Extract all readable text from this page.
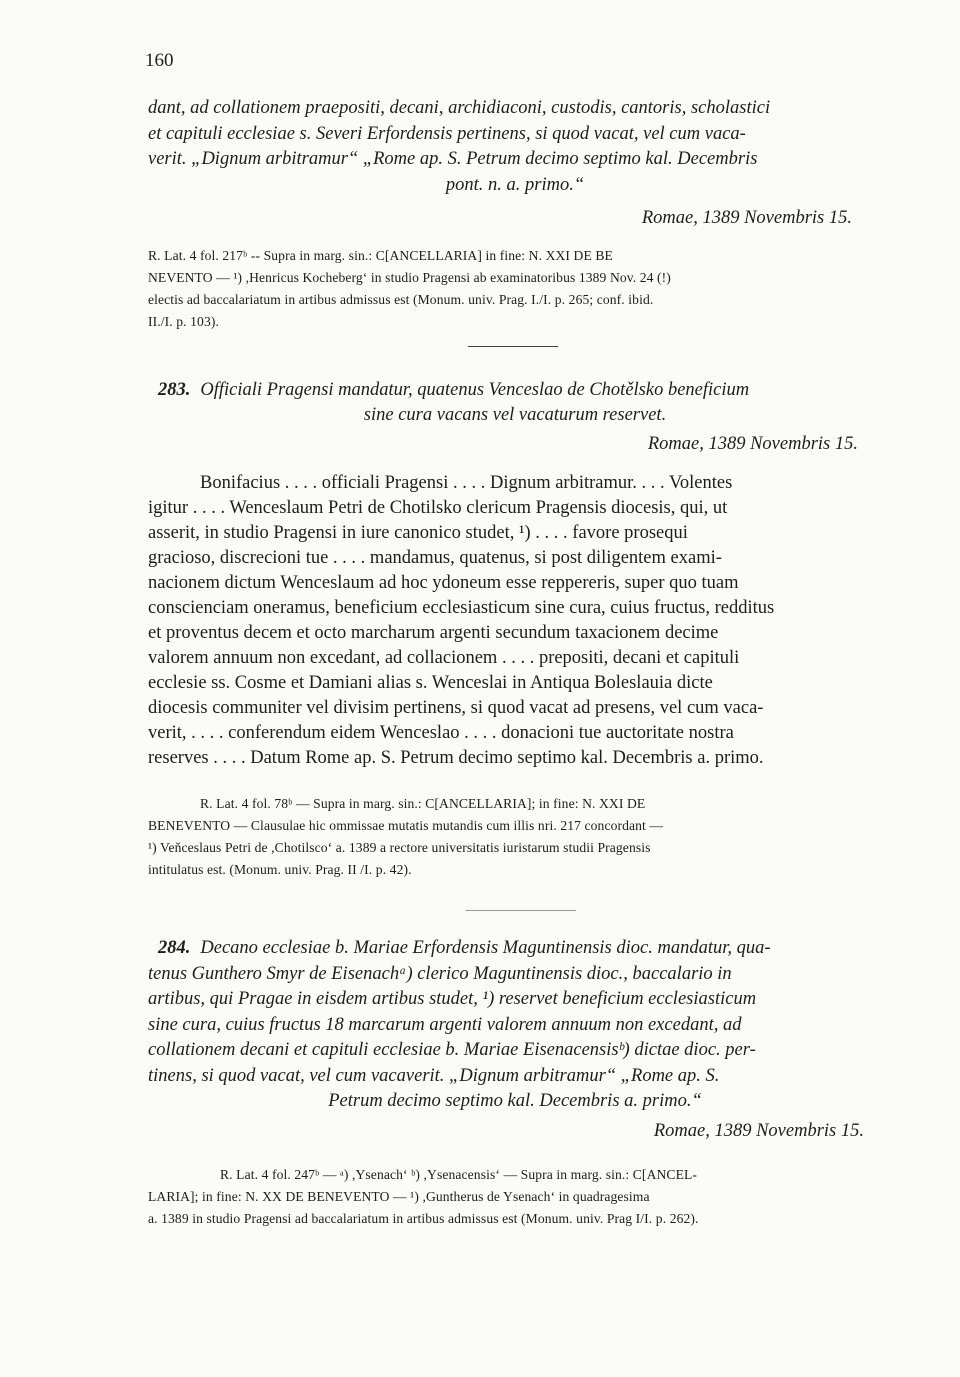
160

dant, ad collationem praepositi, decani, archidiaconi, custodis, cantoris, scholastici

et capituli ecclesiae s. Severi Erfordensis pertinens, si quod vacat, vel cum vaca-

verit. „Dignum arbitramur“ „Rome ap. S. Petrum decimo septimo kal. Decembris

pont. n. a. primo.“

Romae, 1389 Novembris 15.

R. Lat. 4 fol. 217ᵇ -- Supra in marg. sin.: C[ANCELLARIA] in fine: N. XXI DE BE

NEVENTO — ¹) ,Henricus Kocheberg‘ in studio Pragensi ab examinatoribus 1389 Nov. 24 (!)

electis ad baccalariatum in artibus admissus est (Monum. univ. Prag. I./I. p. 265; conf. ibid.

II./I. p. 103).

283. Officiali Pragensi mandatur, quatenus Venceslao de Chotělsko beneficium

sine cura vacans vel vacaturum reservet.

Romae, 1389 Novembris 15.

Bonifacius . . . . officiali Pragensi . . . . Dignum arbitramur. . . . Volentes

igitur . . . . Wenceslaum Petri de Chotilsko clericum Pragensis diocesis, qui, ut

asserit, in studio Pragensi in iure canonico studet, ¹) . . . . favore prosequi

gracioso, discrecioni tue . . . . mandamus, quatenus, si post diligentem exami-

nacionem dictum Wenceslaum ad hoc ydoneum esse reppereris, super quo tuam

conscienciam oneramus, beneficium ecclesiasticum sine cura, cuius fructus, redditus

et proventus decem et octo marcharum argenti secundum taxacionem decime

valorem annuum non excedant, ad collacionem . . . . prepositi, decani et capituli

ecclesie ss. Cosme et Damiani alias s. Wenceslai in Antiqua Boleslauia dicte

diocesis communiter vel divisim pertinens, si quod vacat ad presens, vel cum vaca-

verit, . . . . conferendum eidem Wenceslao . . . . donacioni tue auctoritate nostra

reserves . . . . Datum Rome ap. S. Petrum decimo septimo kal. Decembris a. primo.

R. Lat. 4 fol. 78ᵇ — Supra in marg. sin.: C[ANCELLARIA]; in fine: N. XXI DE

BENEVENTO — Clausulae hic ommissae mutatis mutandis cum illis nri. 217 concordant —

¹) Veňceslaus Petri de ,Chotilsco‘ a. 1389 a rectore universitatis iuristarum studii Pragensis

intitulatus est. (Monum. univ. Prag. II /I. p. 42).

284. Decano ecclesiae b. Mariae Erfordensis Maguntinensis dioc. mandatur, qua-

tenus Gunthero Smyr de Eisenachᵃ) clerico Maguntinensis dioc., baccalario in

artibus, qui Pragae in eisdem artibus studet, ¹) reservet beneficium ecclesiasticum

sine cura, cuius fructus 18 marcarum argenti valorem annuum non excedant, ad

collationem decani et capituli ecclesiae b. Mariae Eisenacensisᵇ) dictae dioc. per-

tinens, si quod vacat, vel cum vacaverit. „Dignum arbitramur“ „Rome ap. S.

Petrum decimo septimo kal. Decembris a. primo.“

Romae, 1389 Novembris 15.

R. Lat. 4 fol. 247ᵇ — ᵃ) ,Ysenach‘ ᵇ) ,Ysenacensis‘ — Supra in marg. sin.: C[ANCEL-

LARIA]; in fine: N. XX DE BENEVENTO — ¹) ,Guntherus de Ysenach‘ in quadragesima

a. 1389 in studio Pragensi ad baccalariatum in artibus admissus est (Monum. univ. Prag I/I. p. 262).
